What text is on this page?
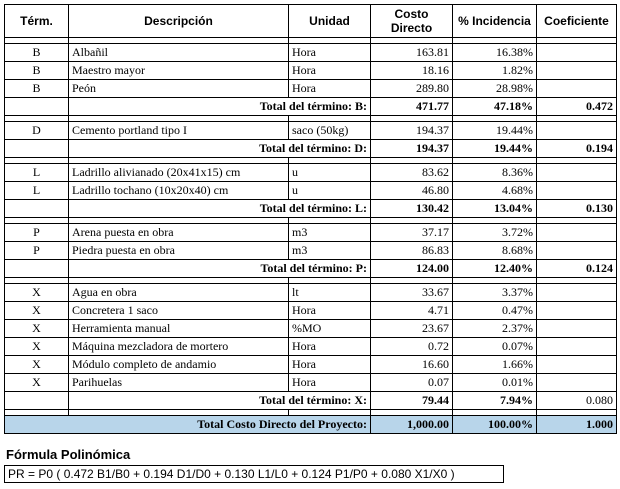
Térm.	Descripción	Unidad	Costo Directo	% Incidencia	Coeficiente

B	Albañil	Hora	163.81	16.38%	
B	Maestro mayor	Hora	18.16	1.82%	
B	Peón	Hora	289.80	28.98%	
	Total del término: B:		471.77	47.18%	0.472

D	Cemento portland tipo I	saco (50kg)	194.37	19.44%	
	Total del término: D:		194.37	19.44%	0.194

L	Ladrillo alivianado (20x41x15) cm	u	83.62	8.36%	
L	Ladrillo tochano (10x20x40) cm	u	46.80	4.68%	
	Total del término: L:		130.42	13.04%	0.130

P	Arena puesta en obra	m3	37.17	3.72%	
P	Piedra puesta en obra	m3	86.83	8.68%	
	Total del término: P:		124.00	12.40%	0.124

X	Agua en obra	lt	33.67	3.37%	
X	Concretera 1 saco	Hora	4.71	0.47%	
X	Herramienta manual	%MO	23.67	2.37%	
X	Máquina mezcladora de mortero	Hora	0.72	0.07%	
X	Módulo completo de andamio	Hora	16.60	1.66%	
X	Parihuelas	Hora	0.07	0.01%	
	Total del término: X:		79.44	7.94%	0.080

Total Costo Directo del Proyecto:			1,000.00	100.00%	1.000
Fórmula Polinómica
PR = P0 ( 0.472 B1/B0 + 0.194 D1/D0 + 0.130 L1/L0 + 0.124 P1/P0 + 0.080 X1/X0 )
